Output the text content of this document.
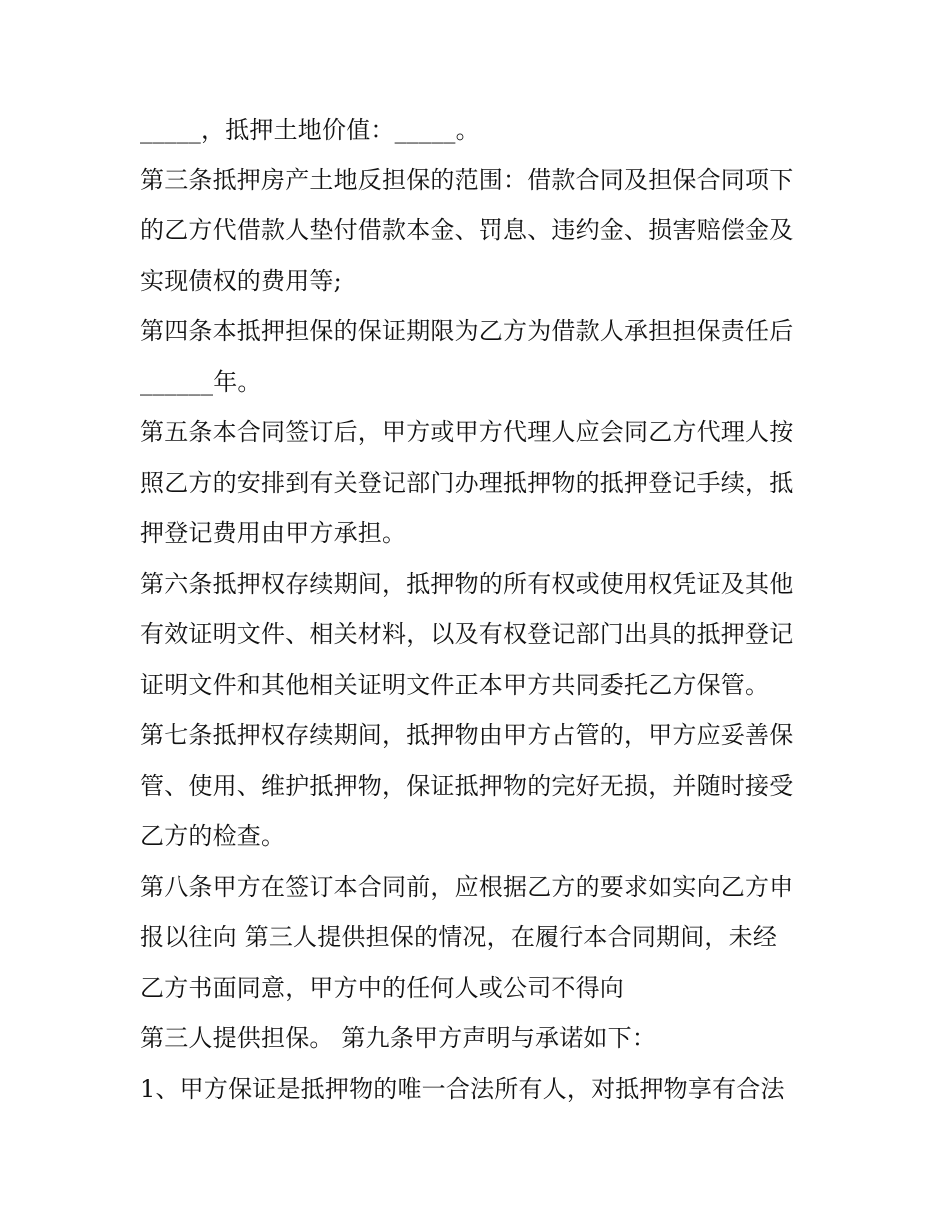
_____，抵押土地价值：_____。
第三条抵押房产土地反担保的范围：借款合同及担保合同项下
的乙方代借款人垫付借款本金、罚息、违约金、损害赔偿金及
实现债权的费用等;
第四条本抵押担保的保证期限为乙方为借款人承担担保责任后
______年。
第五条本合同签订后，甲方或甲方代理人应会同乙方代理人按
照乙方的安排到有关登记部门办理抵押物的抵押登记手续，抵
押登记费用由甲方承担。
第六条抵押权存续期间，抵押物的所有权或使用权凭证及其他
有效证明文件、相关材料，以及有权登记部门出具的抵押登记
证明文件和其他相关证明文件正本甲方共同委托乙方保管。
第七条抵押权存续期间，抵押物由甲方占管的，甲方应妥善保
管、使用、维护抵押物，保证抵押物的完好无损，并随时接受
乙方的检查。
第八条甲方在签订本合同前，应根据乙方的要求如实向乙方申
报以往向 第三人提供担保的情况，在履行本合同期间，未经
乙方书面同意，甲方中的任何人或公司不得向
第三人提供担保。 第九条甲方声明与承诺如下：
1、甲方保证是抵押物的唯一合法所有人，对抵押物享有合法
